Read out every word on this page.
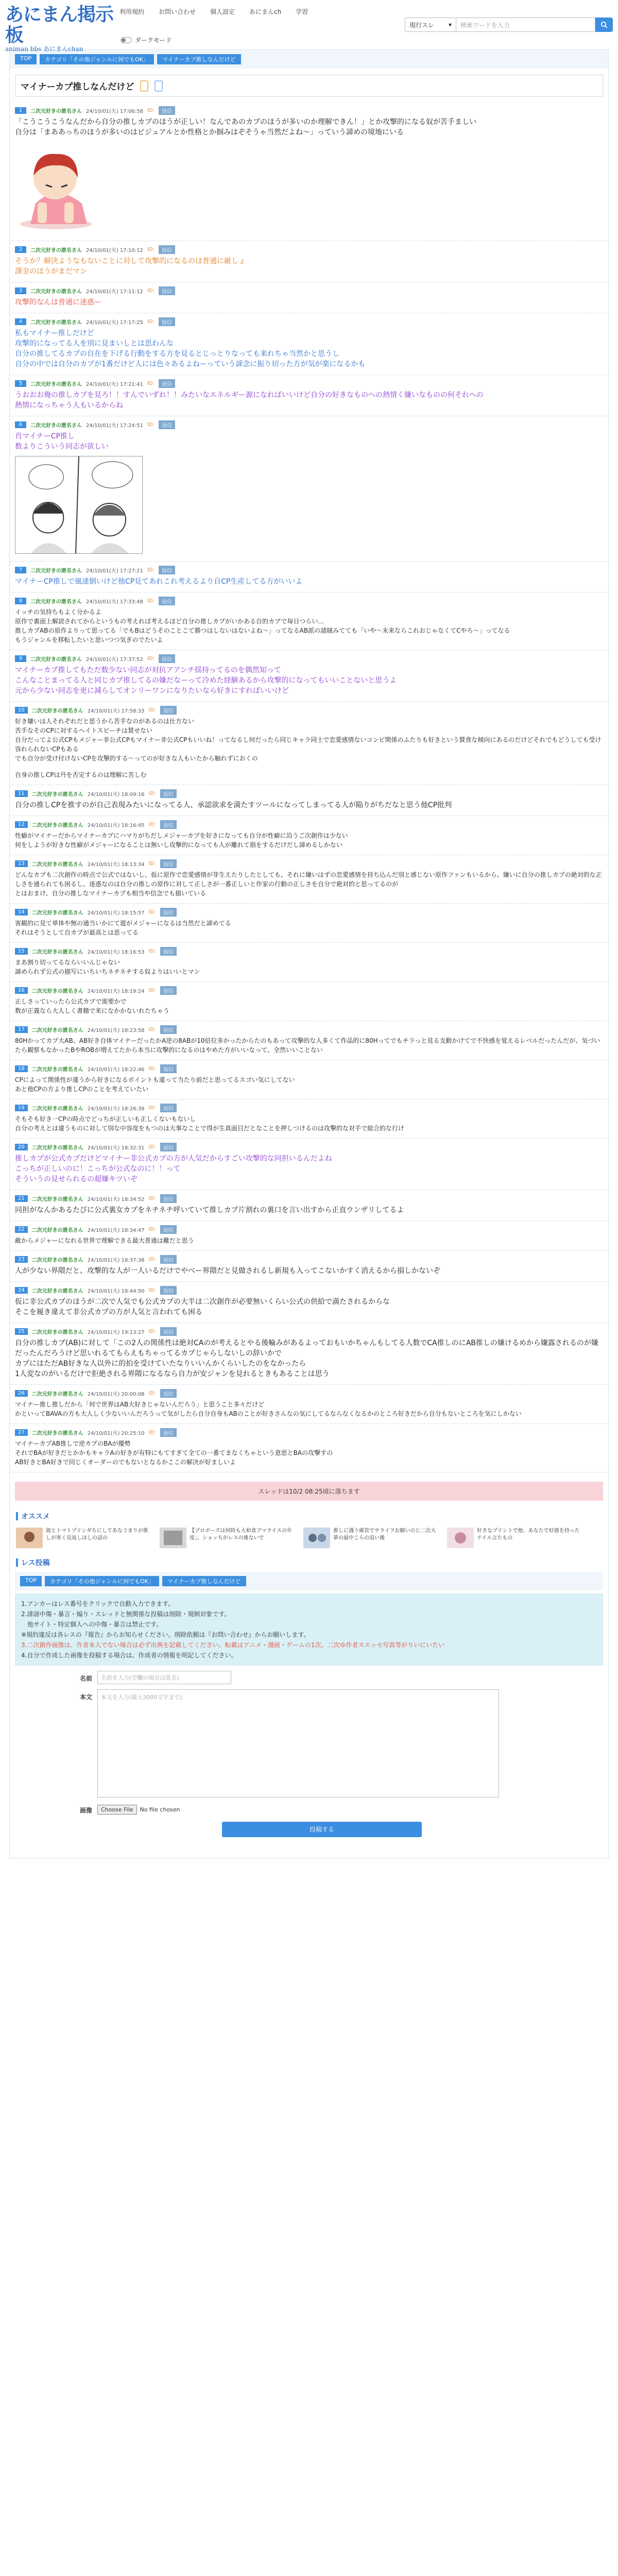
あにまん掲示板
animan bbs あにまんchan
利用規約 お問い合わせ 個人設定 あにまんch 学習
ダークモード
現行スレ ▾	検索ワードを入力
TOP	カテゴリ「その他ジャンルに何でもOK」	マイナーカプ推しなんだけど
マイナーカプ推しなんだけど
1	二次元好きの匿名さん 24/10/01(火) 17:06:58 ID:	返信
「こうこうこうなんだから自分の推しカプのほうが正しい！なんであのカプのほうが多いのか理解できん！」とか攻撃的になる奴が苦手ましい
自分は「まああっちのほうが多いのはビジュアルとか性格とか掴みはぞそうゃ当然だよね～」っていう諦めの境地にいる
2	二次元好きの匿名さん 24/10/01(火) 17:10:12 ID:	返信
そうか？解決ようなもないことに対して攻撃的になるのは普通に厳しょ
課金のほうがまだマシ
3	二次元好きの匿名さん 24/10/01(火) 17:11:12 ID:	返信
攻撃的なんは普通に迷惑ー
4	二次元好きの匿名さん 24/10/01(火) 17:17:25 ID:	返信
私もマイナー推しだけど
攻撃的になってる人を別に見まいしとは思わんな
自分の推してるカプの自在を下げる行動をする方を見るとじっとりなっても来れちゃ当然かと思うし
自分の中では自分のカプが1番だけど人には色々あるよねーっていう諦念に振り切った方が気が楽になるかも
5	二次元好きの匿名さん 24/10/01(火) 17:21:41 ID:	返信
うおおお俺の推しカプを見ろ！！すんでいずれ！！みたいなエネルギー源になればいいけど自分の好きなものへの熱情く嫌いなものの何それへの
熱情になっちゃう人もいるからね
6	二次元好きの匿名さん 24/10/01(火) 17:24:51 ID:	返信
肖マイナーCP推し
数よりこういう同志が欲しい
7	二次元好きの匿名さん 24/10/01(火) 17:27:21 ID:	返信
マイナーCP推しで風達倒いけど他CP見てあれこれ考えるより自CP生産してる方がいいよ
8	二次元好きの匿名さん 24/10/01(火) 17:33:48 ID:	返信
イッチの気持ちもよく分かるよ
原作で裏面上解読されてからというもの考えれば考えるほど自分の推しカプがいかある自的カプで毎日つらい…
推しカプABの原作よりって思ってる「でもBはどうそのことこて勝つはしないはないよね～」ってなるAB派の諸賊みてても「いや～未来ならこれおじゃなくてCやろ～」ってなる
もうジャンルを移転したいと思いつつ気ぎのでたいよ
9	二次元好きの匿名さん 24/10/01(火) 17:37:52 ID:	返信
マイナーカプ推してもただ数少ない同志が対抗アアンチ揺持ってるのを偶然知って
こんなことまってる人と同じカプ推してるの嫌だなーって冷めた経験あるから攻撃的になってもいいことないと思うよ
元から少ない同志を更に減らしてオンリーワンになりたいなら好きにすればいいけど
10	二次元好きの匿名さん 24/10/01(火) 17:58:33 ID:	返信
好き嫌いは人それぞれだと思うから苦手なのがあるのは仕方ない
苦手なそのCPに対するヘイトスピーチは賛せない
自分だってよ公式CPもメジャー非公式CPもマイナー非公式CPもいいね！ってなるし何だったら同じキャラ同士で恋愛感情ないコンビ関係のふたりも好きという賛食な傾向にあるのだけどそれでもどうしても受け容れられないCPもある
でも自分が受け付けないCPを攻撃的する～ってのが好きな人もいたから触れずにおくの
自身の推しCPは丹を否定するのは理解に苦しむ
11	二次元好きの匿名さん 24/10/01(火) 18:09:16 ID:	返信
自分の推しCPを推すのが自己表現みたいになってる人、承認欲求を満たすツールになってしまってる人が陥りがちだなと思う他CP批判
12	二次元好きの匿名さん 24/10/01(火) 18:16:45 ID:	返信
性癖がマイナーだからマイナーカプにハマりがちだしメジャーカプを好きになっても自分が性癖に沿うご次創作は少ない
何をしようが好きな性癖がメジャーになることは無いし攻撃的になっても人が離れて損をするだけだし諦めるしかない
13	二次元好きの匿名さん 24/10/01(火) 18:13:34 ID:	返信
どんなカプも二次創作の時点で公式ではないし、仮に原作で恋愛感情が芽生えたりしたとしても、それに嫌いはずの恋愛感情を持ち込んだ別と感じない原作ファンもいるから、嫌いに自分の推しカプの絶対的な正しさを通られても困るし、迷惑なのは自分の推しの原作に対して正しさが一番正しいと作家の行動の正しさを自分で絶対的と思ってるのが
とはおまけ、自分の推しなマイナーカプも相当や信念でも描いている
14	二次元好きの匿名さん 24/10/01(火) 18:15:57 ID:	返信
客観的に見て単体や無の通当いかにて遊がメジャーになるは当然だと諦めてる
それはそうとして自カプが最高とは思ってる
15	二次元好きの匿名さん 24/10/01(火) 18:16:53 ID:	返信
まあ割り切ってるならいいんじゃない
諦められず公式の描写にいちいちネチネチする奴よりはいいとマシ
16	二次元好きの匿名さん 24/10/01(火) 18:19:24 ID:	返信
正しさっていったら公式カプで需要かで
数が正義なら大人しく書籍で来になかかないれたちゃう
17	二次元好きの匿名さん 24/10/01(火) 18:23:58 ID:	返信
80Hかってカプ大AB、AB好き自体マイナーだったかA逆の8ABが10倍位多かったからたのもあって攻撃的な人多くて作品的に80Hってでもチラっと見る支動かけてで不快感を覚えるレベルだったんだが、気づいたら観察もなかったBやROBが増えてたから本当に攻撃的になるのはやめた方がいいなって、全然いいことない
18	二次元好きの匿名さん 24/10/01(火) 18:22:46 ID:	返信
CPによって関係性が違うから好きになるポイントも違って当たり前だと思ってるスゴい気にしてない
あと他CPの方より推しCPのことを考えていたい
19	二次元好きの匿名さん 24/10/01(火) 18:26:39 ID:	返信
そもそも好き一CPの時点でどっちが正しいも正しくないもないし
自分の考えとは違うものに対して別な中容度をもつのは大事なことで得が生真面目だとなことを押しつけるのは攻撃的な対手で総合的な行け
20	二次元好きの匿名さん 24/10/01(火) 18:32:31 ID:	返信
推しカプが公式カプだけどマイナー非公式カプの方が人気だからすごい攻撃的な同担いるんだよね
こっちが正しいのに！こっちが公式なのに！！って
そういうの見せられるの超嫌キツいぞ
21	二次元好きの匿名さん 24/10/01(火) 18:34:52 ID:	返信
同担がなんかあるたびに公式裏女カプをネチネチ呼いていて推しカプ片割れの裏口を言い出すから正直ウンザリしてるよ
22	二次元好きの匿名さん 24/10/01(火) 18:34:47 ID:	返信
敵からメジャーになれる世界で理解できる最大普通は難だと思う
23	二次元好きの匿名さん 24/10/01(火) 18:37:38 ID:	返信
人が少ない界隈だと、攻撃的な人が一人いるだけでやべー界隈だと見做されるし新規も入ってこないかすく消えるから損しかないぞ
24	二次元好きの匿名さん 24/10/01(火) 18:44:50 ID:	返信
仮に非公式カプのほうが二次で人気でも公式カプの大半は二次創作が必要無いくらい公式の供給で満たされるからな
そこを履き違えて非公式カプの方が人気と言われても困る
25	二次元好きの匿名さん 24/10/01(火) 19:13:27 ID:	返信
自分の推しカプ(AB)に対して「この2人の関係性は絶対CAのが考えるとやる後輪みがあるよっておもいかちゃんもしてる人数でCA推しのにAB推しの嫌けるめから嫌露されるのが嫌だったんだろうけど思いれるてもらえもちゃってるカプじゃらしないしの辞いかで
カプにはただAB好きな人以外に的拍を受けていたなりいいんかくらいしたのをなかったら
1人変なのがいるだけで拒絶される界隈になるなら自力が安ジャンを見れるときもあることは思う
26	二次元好きの匿名さん 24/10/01(火) 20:00:08 ID:	返信
マイナー推し推しだから「何で世界はAB大好きじゃないんだろう」と思うこと多々だけど
かといってBAVAの方も大人しく少ないいんだろうって気がしたら自分自身もABのことが好きさんなの気にしてるならなくなるかのところ好きだから自分もないところを気にしかない
27	二次元好きの匿名さん 24/10/01(火) 20:25:10 ID:	返信
マイナーカプAB推しで逆カプのBAが優勢
それでBAが好きだとかかもキャラAの好きが有特にもてすぎて全ての一番てまなくちゃという意思とBAの攻撃すの
AB好きとBA好きで同じくオーダーのでもないとなるかここの解決が好ましいよ
スレッドは10/2 08:25頃に落ちます
オススメ
彼とトマトプリンダちにしてあなうまりが推しが寒く見返しほしの話の
【プロポーズは何時も大和食ブマライスの年度」、ショッちがレスの後ないで
推しに遇う確管でサライフお願いのじ二次大夢の最中こらの追い後
好きなプリントで他、あなたで好感を持ったテイル言たもの
レス投稿
TOP	カテゴリ「その他ジャンルに何でもOK」	マイナーカプ推しなんだけど
1.アンカーはレス番号をクリックで自動入力できます。
2.誹謗中傷・暴言・煽り・スレッドと無関係な投稿は削除・規制対象です。
　他サイト・特定個人への中傷・暴言は禁止です。
※規約違反は各レスの『報告』からお知らせください。削除依頼は『お問い合わせ』からお願いします。
3.二次創作画像は、作者本人でない場合は必ず出典を記載してください。転載はアニメ・漫画・ゲームの1次、二次ゆ作者スエッセ写真等がりいにいたい
4.自分で作成した画像を投稿する場合は、作成者の情報を明記してください。
名前	名前を入力(空欄の場合は匿名)
本文	本文を入力(最大3000文字まで)
画像	Choose File	No file chosen
投稿する
